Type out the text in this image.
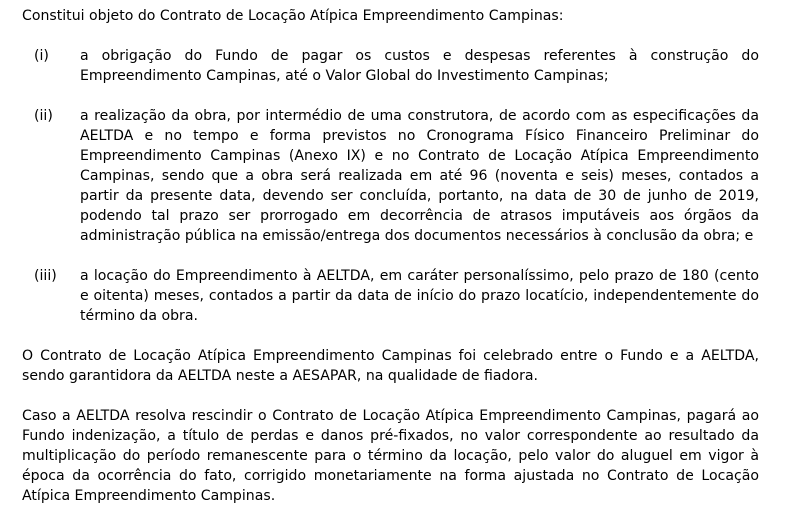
Constitui objeto do Contrato de Locação Atípica Empreendimento Campinas:

(i)	a obrigação do Fundo de pagar os custos e despesas referentes à construção do Empreendimento Campinas, até o Valor Global do Investimento Campinas;

(ii)	a realização da obra, por intermédio de uma construtora, de acordo com as especificações da AELTDA e no tempo e forma previstos no Cronograma Físico Financeiro Preliminar do Empreendimento Campinas (Anexo IX) e no Contrato de Locação Atípica Empreendimento Campinas, sendo que a obra será realizada em até 96 (noventa e seis) meses, contados a partir da presente data, devendo ser concluída, portanto, na data de 30 de junho de 2019, podendo tal prazo ser prorrogado em decorrência de atrasos imputáveis aos órgãos da administração pública na emissão/entrega dos documentos necessários à conclusão da obra; e

(iii)	a locação do Empreendimento à AELTDA, em caráter personalíssimo, pelo prazo de 180 (cento e oitenta) meses, contados a partir da data de início do prazo locatício, independentemente do término da obra.

O Contrato de Locação Atípica Empreendimento Campinas foi celebrado entre o Fundo e a AELTDA, sendo garantidora da AELTDA neste a AESAPAR, na qualidade de fiadora.

Caso a AELTDA resolva rescindir o Contrato de Locação Atípica Empreendimento Campinas, pagará ao Fundo indenização, a título de perdas e danos pré-fixados, no valor correspondente ao resultado da multiplicação do período remanescente para o término da locação, pelo valor do aluguel em vigor à época da ocorrência do fato, corrigido monetariamente na forma ajustada no Contrato de Locação Atípica Empreendimento Campinas.
